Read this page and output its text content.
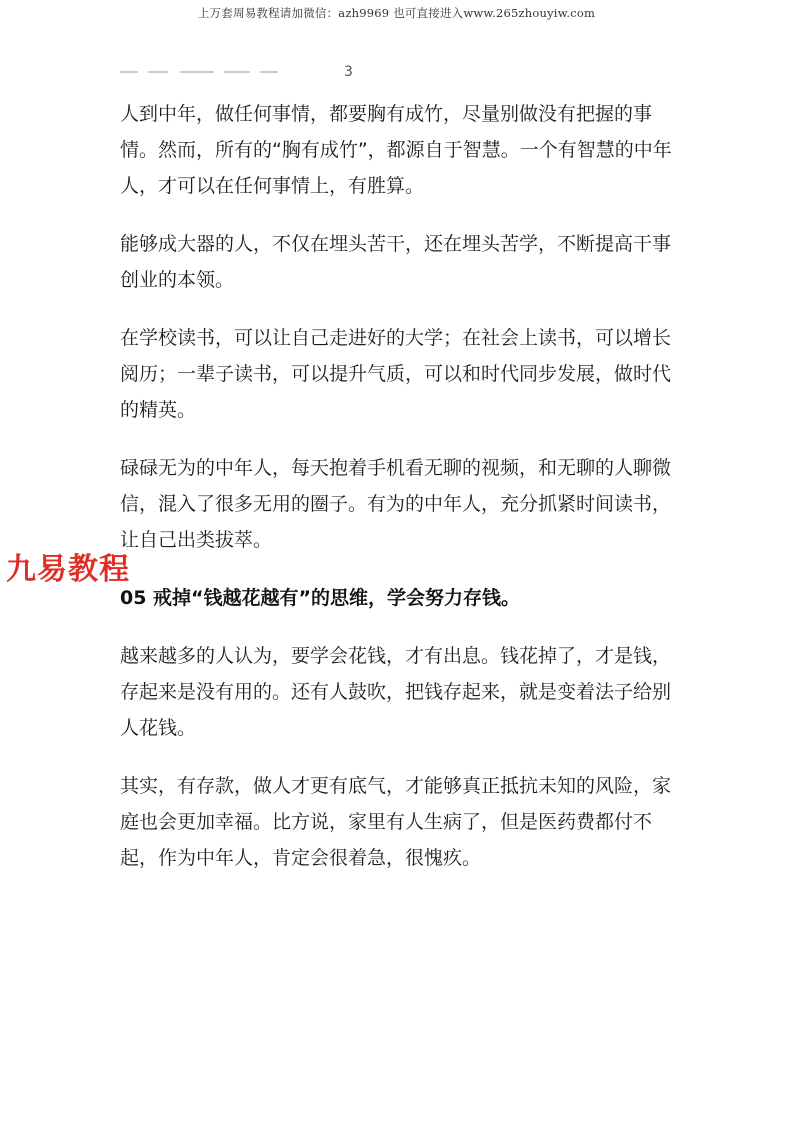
上万套周易教程请加微信：azh9969 也可直接进入www.265zhouyiw.com
3

人到中年，做任何事情，都要胸有成竹，尽量别做没有把握的事情。然而，所有的“胸有成竹”，都源自于智慧。一个有智慧的中年人，才可以在任何事情上，有胜算。

能够成大器的人，不仅在埋头苦干，还在埋头苦学，不断提高干事创业的本领。

在学校读书，可以让自己走进好的大学；在社会上读书，可以增长阅历；一辈子读书，可以提升气质，可以和时代同步发展，做时代的精英。

碌碌无为的中年人，每天抱着手机看无聊的视频，和无聊的人聊微信，混入了很多无用的圈子。有为的中年人，充分抓紧时间读书，让自己出类拔萃。

05 戒掉“钱越花越有”的思维，学会努力存钱。

越来越多的人认为，要学会花钱，才有出息。钱花掉了，才是钱，存起来是没有用的。还有人鼓吹，把钱存起来，就是变着法子给别人花钱。

其实，有存款，做人才更有底气，才能够真正抵抗未知的风险，家庭也会更加幸福。比方说，家里有人生病了，但是医药费都付不起，作为中年人，肯定会很着急，很愧疚。

九易教程
